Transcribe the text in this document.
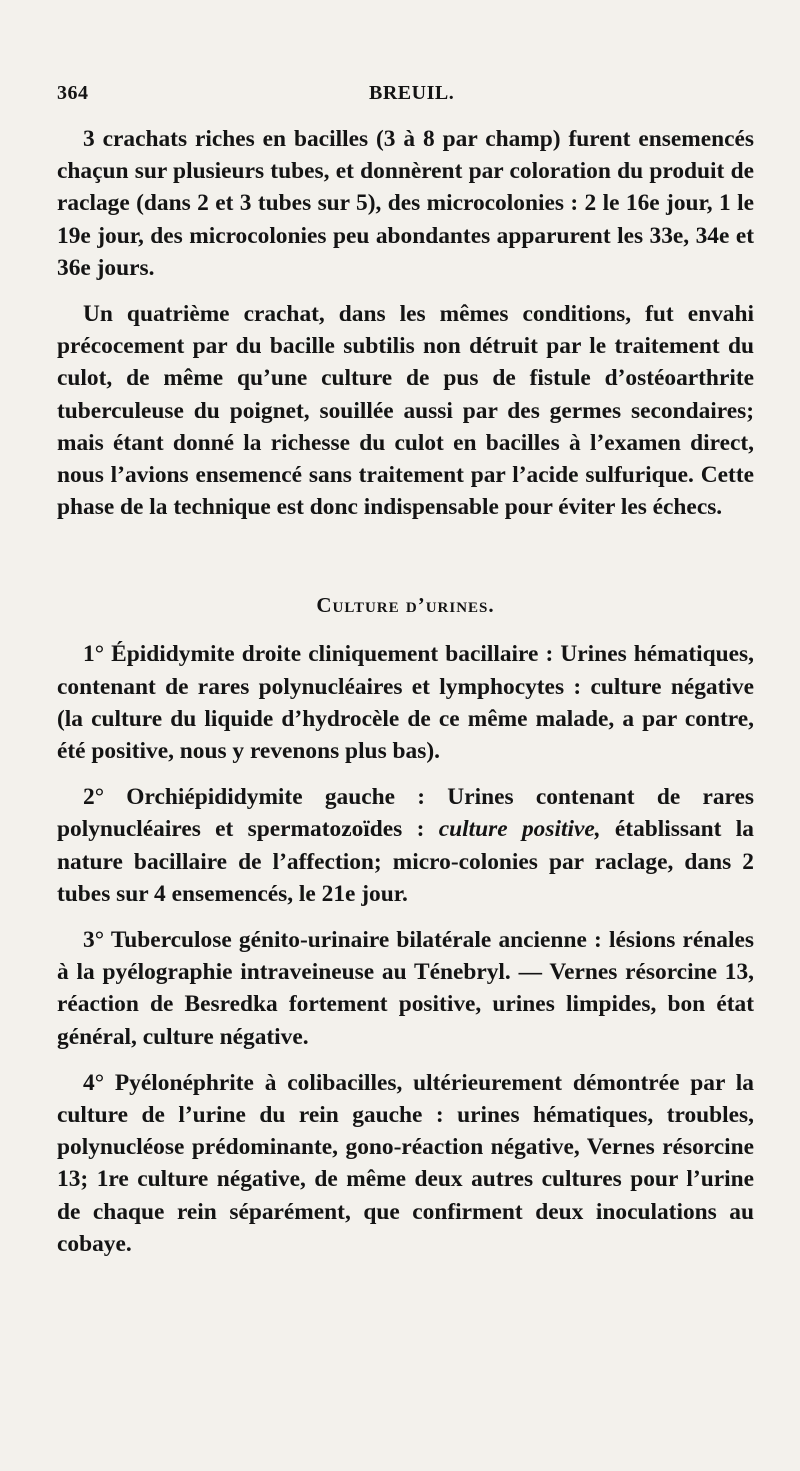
364	BREUIL.

3 crachats riches en bacilles (3 à 8 par champ) furent ensemencés chaçun sur plusieurs tubes, et donnèrent par coloration du produit de raclage (dans 2 et 3 tubes sur 5), des microcolonies : 2 le 16e jour, 1 le 19e jour, des microcolonies peu abondantes apparurent les 33e, 34e et 36e jours.

Un quatrième crachat, dans les mêmes conditions, fut envahi précocement par du bacille subtilis non détruit par le traitement du culot, de même qu’une culture de pus de fistule d’ostéoarthrite tuberculeuse du poignet, souillée aussi par des germes secondaires; mais étant donné la richesse du culot en bacilles à l’examen direct, nous l’avions ensemencé sans traitement par l’acide sulfurique. Cette phase de la technique est donc indispensable pour éviter les échecs.

Culture d’urines.

1° Épididymite droite cliniquement bacillaire : Urines hématiques, contenant de rares polynucléaires et lymphocytes : culture négative (la culture du liquide d’hydrocèle de ce même malade, a par contre, été positive, nous y revenons plus bas).

2° Orchiépididymite gauche : Urines contenant de rares polynucléaires et spermatozoïdes : culture positive, établissant la nature bacillaire de l’affection; micro-colonies par raclage, dans 2 tubes sur 4 ensemencés, le 21e jour.

3° Tuberculose génito-urinaire bilatérale ancienne : lésions rénales à la pyélographie intraveineuse au Ténebryl. — Vernes résorcine 13, réaction de Besredka fortement positive, urines limpides, bon état général, culture négative.

4° Pyélonéphrite à colibacilles, ultérieurement démontrée par la culture de l’urine du rein gauche : urines hématiques, troubles, polynucléose prédominante, gono-réaction négative, Vernes résorcine 13; 1re culture négative, de même deux autres cultures pour l’urine de chaque rein séparément, que confirment deux inoculations au cobaye.
